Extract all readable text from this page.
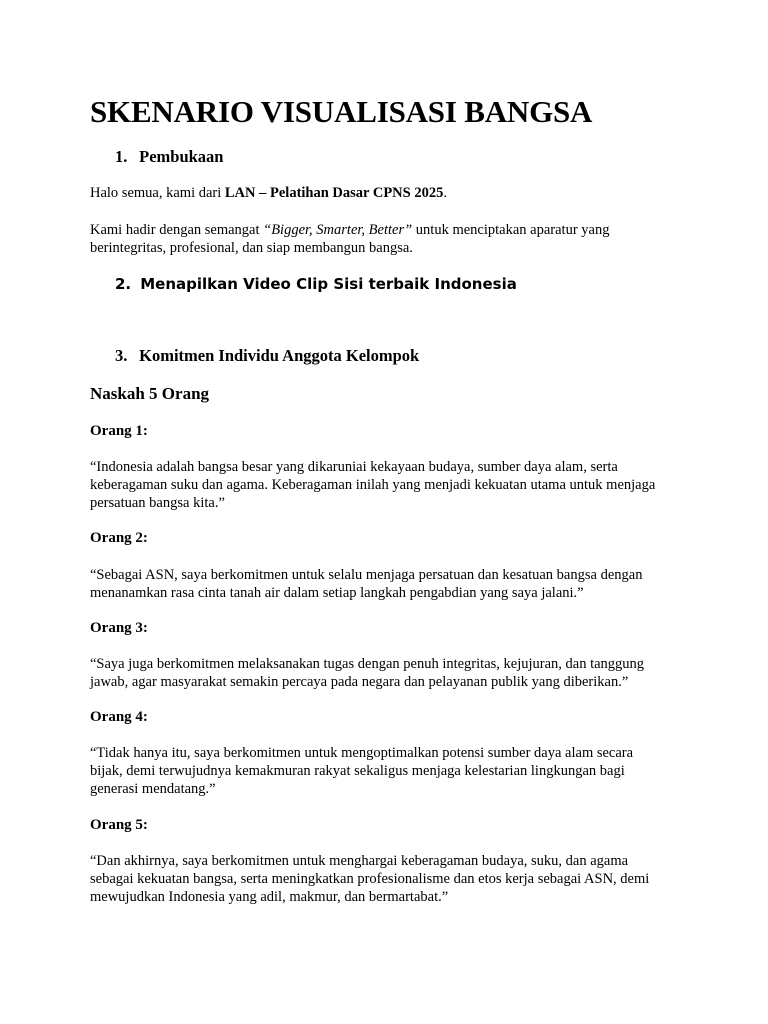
SKENARIO VISUALISASI BANGSA
1. Pembukaan

Halo semua, kami dari LAN – Pelatihan Dasar CPNS 2025.

Kami hadir dengan semangat “Bigger, Smarter, Better” untuk menciptakan aparatur yang
berintegritas, profesional, dan siap membangun bangsa.

2. Menapilkan Video Clip Sisi terbaik Indonesia
3. Komitmen Individu Anggota Kelompok
Naskah 5 Orang

Orang 1:

“Indonesia adalah bangsa besar yang dikaruniai kekayaan budaya, sumber daya alam, serta
keberagaman suku dan agama. Keberagaman inilah yang menjadi kekuatan utama untuk menjaga
persatuan bangsa kita.”

Orang 2:

“Sebagai ASN, saya berkomitmen untuk selalu menjaga persatuan dan kesatuan bangsa dengan
menanamkan rasa cinta tanah air dalam setiap langkah pengabdian yang saya jalani.”

Orang 3:

“Saya juga berkomitmen melaksanakan tugas dengan penuh integritas, kejujuran, dan tanggung
jawab, agar masyarakat semakin percaya pada negara dan pelayanan publik yang diberikan.”

Orang 4:

“Tidak hanya itu, saya berkomitmen untuk mengoptimalkan potensi sumber daya alam secara
bijak, demi terwujudnya kemakmuran rakyat sekaligus menjaga kelestarian lingkungan bagi
generasi mendatang.”

Orang 5:

“Dan akhirnya, saya berkomitmen untuk menghargai keberagaman budaya, suku, dan agama
sebagai kekuatan bangsa, serta meningkatkan profesionalisme dan etos kerja sebagai ASN, demi
mewujudkan Indonesia yang adil, makmur, dan bermartabat.”
